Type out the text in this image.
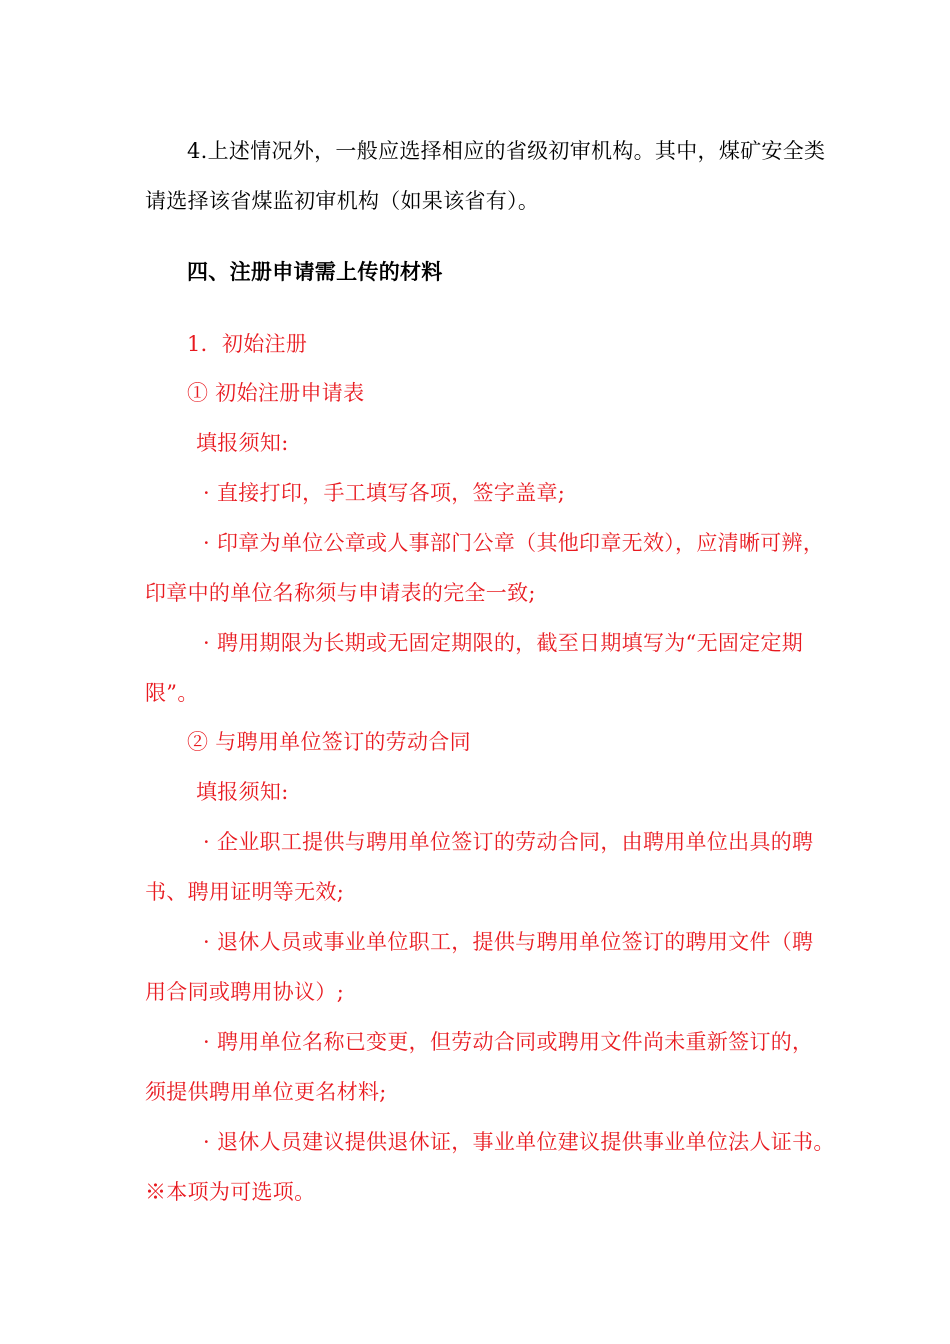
4.上述情况外，一般应选择相应的省级初审机构。其中，煤矿安全类
请选择该省煤监初审机构（如果该省有）。
四、注册申请需上传的材料
1．初始注册
① 初始注册申请表
填报须知:
· 直接打印，手工填写各项，签字盖章;
· 印章为单位公章或人事部门公章（其他印章无效），应清晰可辨，
印章中的单位名称须与申请表的完全一致;
· 聘用期限为长期或无固定期限的，截至日期填写为“无固定定期
限”。
② 与聘用单位签订的劳动合同
填报须知:
· 企业职工提供与聘用单位签订的劳动合同，由聘用单位出具的聘
书、聘用证明等无效;
· 退休人员或事业单位职工，提供与聘用单位签订的聘用文件（聘
用合同或聘用协议）;
· 聘用单位名称已变更，但劳动合同或聘用文件尚未重新签订的，
须提供聘用单位更名材料;
· 退休人员建议提供退休证，事业单位建议提供事业单位法人证书。
※本项为可选项。
